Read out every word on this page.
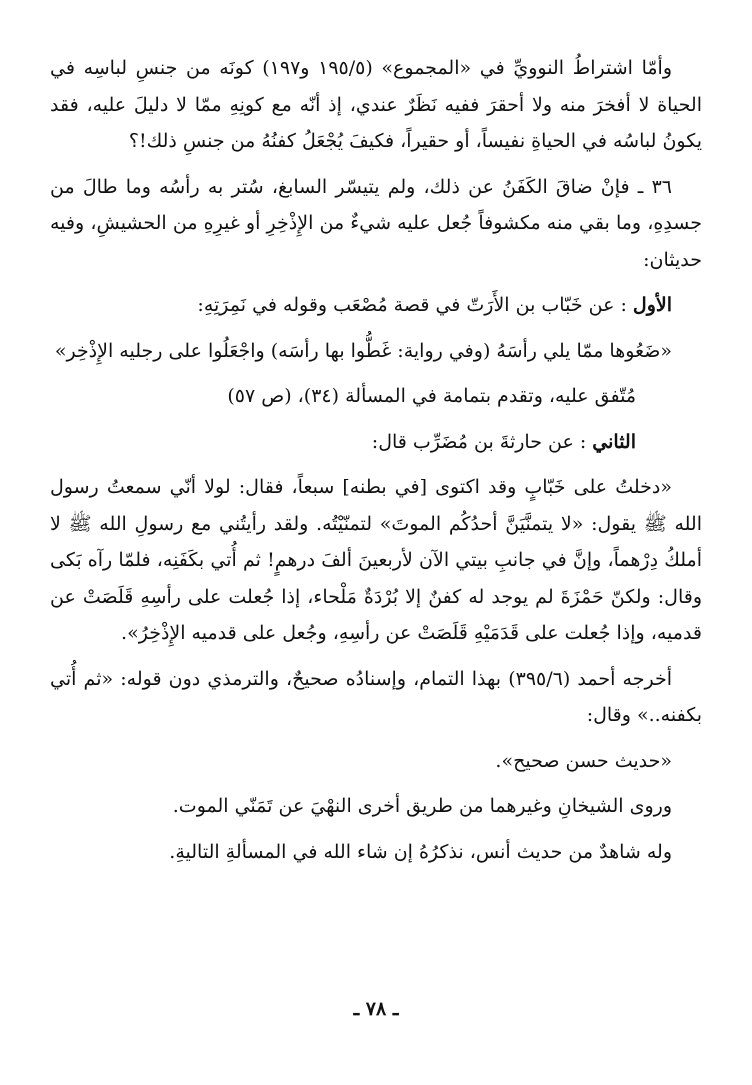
وأمّا اشتراطُ النوويِّ في «المجموع» (١٩٥/٥ و١٩٧) كونَه من جنسِ لباسِه في الحياة لا أفخرَ منه ولا أحقرَ ففيه نَظَرٌ عندي، إذ أنّه مع كونِهِ ممّا لا دليلَ عليه، فقد يكونُ لباسُه في الحياةِ نفيساً، أو حقيراً، فكيفَ يُجْعَلُ كفنُهُ من جنسِ ذلك!؟

٣٦ ـ فإنْ ضاقَ الكَفَنُ عن ذلك، ولم يتيسّر السابغ، سُتر به رأسُه وما طالَ من جسدِهِ، وما بقي منه مكشوفاً جُعل عليه شيءٌ من الإِذْخِرِ أو غيرِهِ من الحشيشِ، وفيه حديثان:

الأول : عن خَبّاب بن الأَرَتّ في قصة مُصْعَب وقوله في نَمِرَتِهِ:

«ضَعُوها ممّا يلي رأسَهُ (وفي رواية: غَطُّوا بها رأسَه) واجْعَلُوا على رجليه الإِذْخِر»

مُتّفق عليه، وتقدم بتمامة في المسألة (٣٤)، (ص ٥٧)

الثاني : عن حارثةَ بن مُضَرِّب قال:

«دخلتُ على خَبّابٍ وقد اكتوى [في بطنه] سبعاً، فقال: لولا أنّي سمعتُ رسول الله ﷺ يقول: «لا يتمنَّيَنَّ أحدُكُم الموتَ» لتمنّيْتُه. ولقد رأيتُني مع رسولِ الله ﷺ لا أملكُ دِرْهماً، وإنَّ في جانبِ بيتي الآن لأربعينَ ألفَ درهمٍ! ثم أُتي بكَفَنِه، فلمّا رآه بَكى وقال: ولكنّ حَمْزَةَ لم يوجد له كفنٌ إلا بُرْدَةٌ مَلْحاء، إذا جُعلت على رأسِهِ قَلَصَتْ عن قدميه، وإذا جُعلت على قَدَمَيْهِ قَلَصَتْ عن رأسِهِ، وجُعل على قدميه الإِذْخِرُ».

أخرجه أحمد (٣٩٥/٦) بهذا التمام، وإسنادُه صحيحٌ، والترمذي دون قوله: «ثم أُتي بكفنه..» وقال:

«حديث حسن صحيح».

وروى الشيخانِ وغيرهما من طريق أخرى النهْيَ عن تَمَنّي الموت.

وله شاهدٌ من حديث أنس، نذكرُهُ إن شاء الله في المسألةِ التاليةِ.

ـ ٧٨ ـ
